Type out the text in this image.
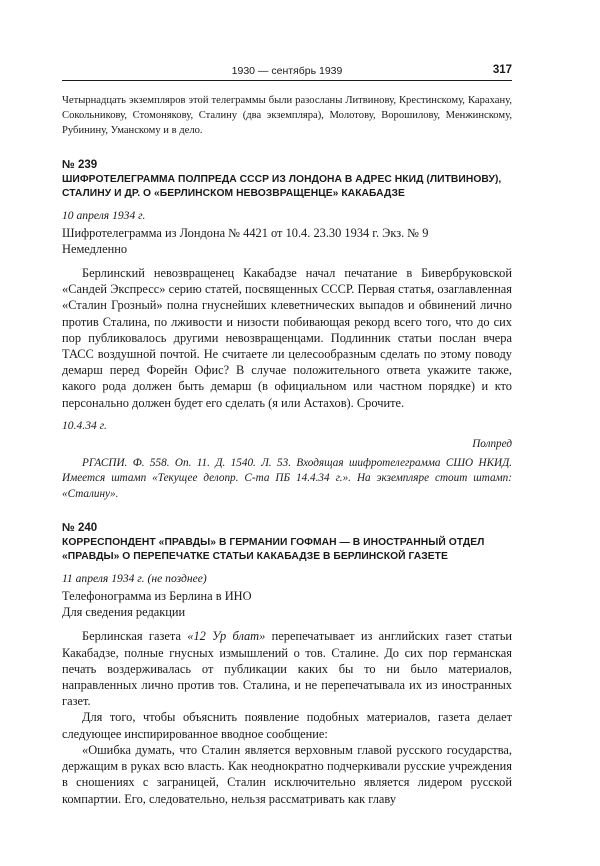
1930 — сентябрь 1939	317
Четырнадцать экземпляров этой телеграммы были разосланы Литвинову, Крестинскому, Карахану, Сокольникову, Стомонякову, Сталину (два экземпляра), Молотову, Ворошилову, Менжинскому, Рубинину, Уманскому и в дело.
№ 239
ШИФРОТЕЛЕГРАММА ПОЛПРЕДА СССР ИЗ ЛОНДОНА В АДРЕС НКИД (ЛИТВИНОВУ), СТАЛИНУ И ДР. О «БЕРЛИНСКОМ НЕВОЗВРАЩЕНЦЕ» КАКАБАДЗЕ
10 апреля 1934 г.
Шифротелеграмма из Лондона № 4421 от 10.4. 23.30 1934 г. Экз. № 9
Немедленно

Берлинский невозвращенец Какабадзе начал печатание в Бивербруковской «Сандей Экспресс» серию статей, посвященных СССР. Первая статья, озаглавленная «Сталин Грозный» полна гнуснейших клеветнических выпадов и обвинений лично против Сталина, по лживости и низости побивающая рекорд всего того, что до сих пор публиковалось другими невозвращенцами. Подлинник статьи послан вчера ТАСС воздушной почтой. Не считаете ли целесообразным сделать по этому поводу демарш перед Форейн Офис? В случае положительного ответа укажите также, какого рода должен быть демарш (в официальном или частном порядке) и кто персонально должен будет его сделать (я или Астахов). Срочите.

10.4.34 г.
Полпред
РГАСПИ. Ф. 558. Оп. 11. Д. 1540. Л. 53. Входящая шифротелеграмма СШО НКИД. Имеется штамп «Текущее делопр. С-та ПБ 14.4.34 г.». На экземпляре стоит штамп: «Сталину».
№ 240
КОРРЕСПОНДЕНТ «ПРАВДЫ» В ГЕРМАНИИ ГОФМАН — В ИНОСТРАННЫЙ ОТДЕЛ «ПРАВДЫ» О ПЕРЕПЕЧАТКЕ СТАТЬИ КАКАБАДЗЕ В БЕРЛИНСКОЙ ГАЗЕТЕ
11 апреля 1934 г. (не позднее)
Телефонограмма из Берлина в ИНО
Для сведения редакции

Берлинская газета «12 Ур блат» перепечатывает из английских газет статьи Какабадзе, полные гнусных измышлений о тов. Сталине. До сих пор германская печать воздерживалась от публикации каких бы то ни было материалов, направленных лично против тов. Сталина, и не перепечатывала их из иностранных газет.

Для того, чтобы объяснить появление подобных материалов, газета делает следующее инспирированное вводное сообщение:

«Ошибка думать, что Сталин является верховным главой русского государства, держащим в руках всю власть. Как неоднократно подчеркивали русские учреждения в сношениях с заграницей, Сталин исключительно является лидером русской компартии. Его, следовательно, нельзя рассматривать как главу
